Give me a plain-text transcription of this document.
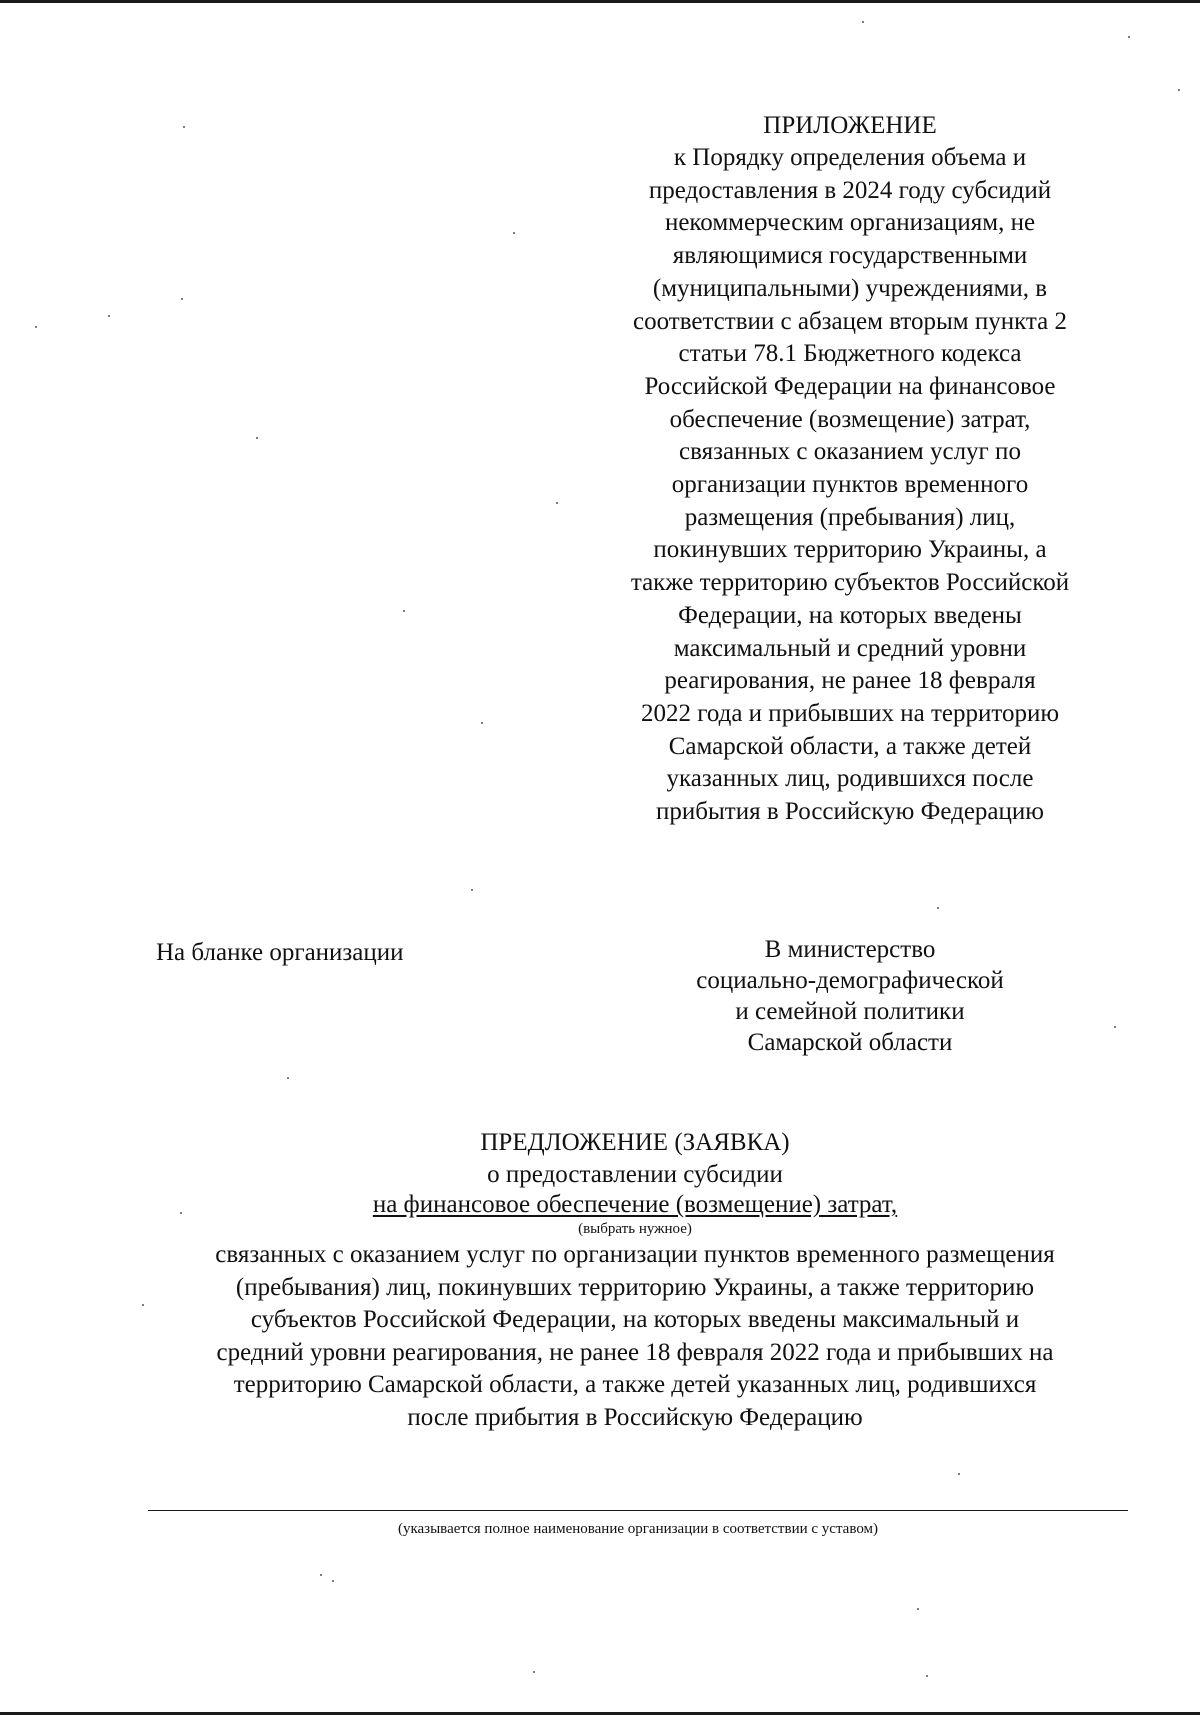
ПРИЛОЖЕНИЕ
к Порядку определения объема и
предоставления в 2024 году субсидий
некоммерческим организациям, не
являющимися государственными
(муниципальными) учреждениями, в
соответствии с абзацем вторым пункта 2
статьи 78.1 Бюджетного кодекса
Российской Федерации на финансовое
обеспечение (возмещение) затрат,
связанных с оказанием услуг по
организации пунктов временного
размещения (пребывания) лиц,
покинувших территорию Украины, а
также территорию субъектов Российской
Федерации, на которых введены
максимальный и средний уровни
реагирования, не ранее 18 февраля
2022 года и прибывших на территорию
Самарской области, а также детей
указанных лиц, родившихся после
прибытия в Российскую Федерацию
На бланке организации	В министерство
социально-демографической
и семейной политики
Самарской области
ПРЕДЛОЖЕНИЕ (ЗАЯВКА)
о предоставлении субсидии
на финансовое обеспечение (возмещение) затрат,
(выбрать нужное)
связанных с оказанием услуг по организации пунктов временного размещения
(пребывания) лиц, покинувших территорию Украины, а также территорию
субъектов Российской Федерации, на которых введены максимальный и
средний уровни реагирования, не ранее 18 февраля 2022 года и прибывших на
территорию Самарской области, а также детей указанных лиц, родившихся
после прибытия в Российскую Федерацию
(указывается полное наименование организации в соответствии с уставом)
